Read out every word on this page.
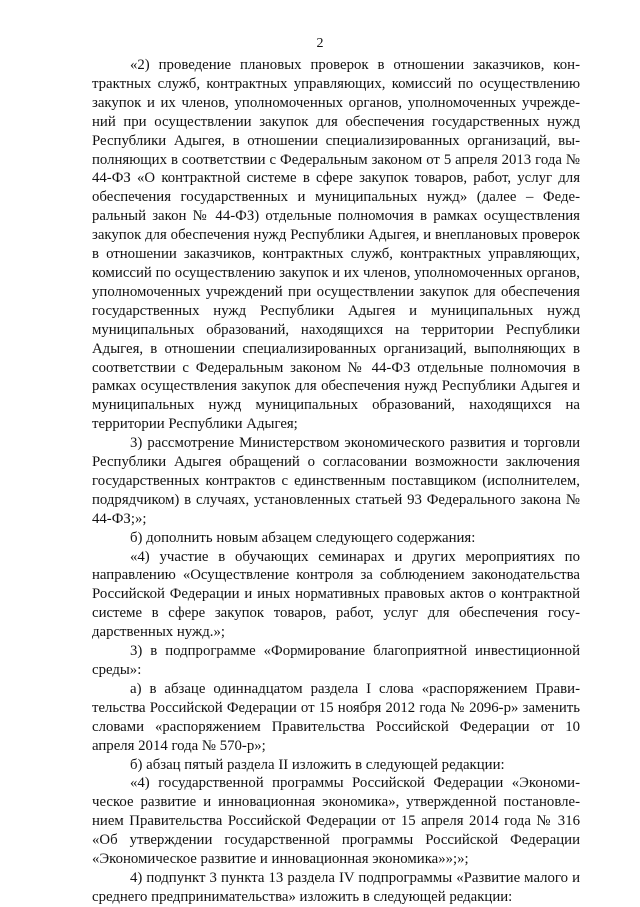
2

«2) проведение плановых проверок в отношении заказчиков, контрактных служб, контрактных управляющих, комиссий по осуществлению закупок и их членов, уполномоченных органов, уполномоченных учреждений при осуществлении закупок для обеспечения государственных нужд Республики Адыгея, в отношении специализированных организаций, выполняющих в соответствии с Федеральным законом от 5 апреля 2013 года № 44-ФЗ «О контрактной системе в сфере закупок товаров, работ, услуг для обеспечения государственных и муниципальных нужд» (далее – Федеральный закон № 44-ФЗ) отдельные полномочия в рамках осуществления закупок для обеспечения нужд Республики Адыгея, и внеплановых проверок в отношении заказчиков, контрактных служб, контрактных управляющих, комиссий по осуществлению закупок и их членов, уполномоченных органов, уполномоченных учреждений при осуществлении закупок для обеспечения государственных нужд Республики Адыгея и муниципальных нужд муниципальных образований, находящихся на территории Республики Адыгея, в отношении специализированных организаций, выполняющих в соответствии с Федеральным законом № 44-ФЗ отдельные полномочия в рамках осуществления закупок для обеспечения нужд Республики Адыгея и муниципальных нужд муниципальных образований, находящихся на территории Республики Адыгея;

3) рассмотрение Министерством экономического развития и торговли Республики Адыгея обращений о согласовании возможности заключения государственных контрактов с единственным поставщиком (исполнителем, подрядчиком) в случаях, установленных статьей 93 Федерального закона № 44-ФЗ;»;

б) дополнить новым абзацем следующего содержания:

«4) участие в обучающих семинарах и других мероприятиях по направлению «Осуществление контроля за соблюдением законодательства Российской Федерации и иных нормативных правовых актов о контрактной системе в сфере закупок товаров, работ, услуг для обеспечения государственных нужд.»;

3) в подпрограмме «Формирование благоприятной инвестиционной среды»:

а) в абзаце одиннадцатом раздела I слова «распоряжением Правительства Российской Федерации от 15 ноября 2012 года № 2096-р» заменить словами «распоряжением Правительства Российской Федерации от 10 апреля 2014 года № 570-р»;

б) абзац пятый раздела II изложить в следующей редакции:

«4) государственной программы Российской Федерации «Экономическое развитие и инновационная экономика», утвержденной постановлением Правительства Российской Федерации от 15 апреля 2014 года № 316 «Об утверждении государственной программы Российской Федерации «Экономическое развитие и инновационная экономика»»;»;

4) подпункт 3 пункта 13 раздела IV подпрограммы «Развитие малого и среднего предпринимательства» изложить в следующей редакции:
